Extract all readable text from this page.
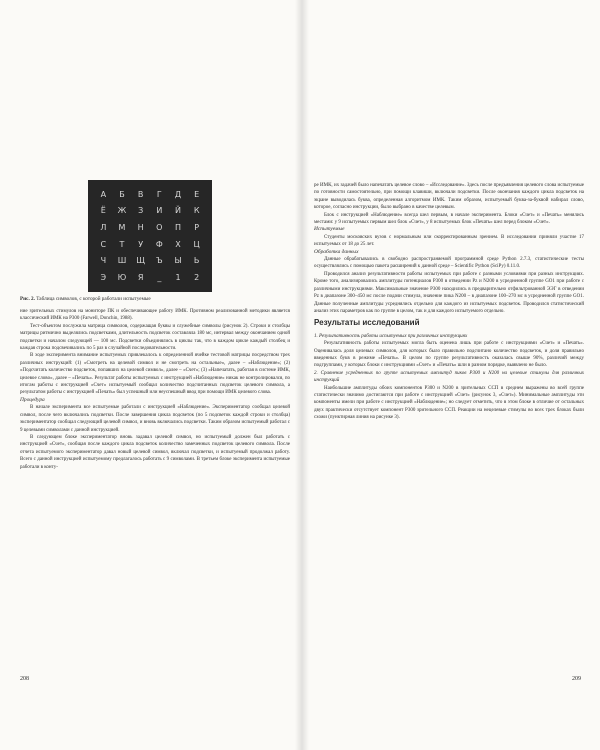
А	Б	В	Г	Д	Е
Ё	Ж	З	И	Й	К
Л	М	Н	О	П	Р
С	Т	У	Ф	Х	Ц
Ч	Ш	Щ	Ъ	Ы	Ь
Э	Ю	Я	_	1	2
Рис. 2. Таблица символов, с которой работали испытуемые

ние зрительных стимулов на мониторе ПК и обеспечивающее работу ИМК. Противном реализованной методики является классический ИМК на Р300 (Farwell, Donchin, 1988).

Тест-объектом послужила матрица символов, содержащая буквы и служебные символы (рисунок 2). Строки и столбцы матрицы ритмично выделялись подсветками, длительность подсветок составляла 180 мс, интервал между окончанием одной подсветки и началом следующей — 100 мс. Подсветки объединялись в циклы так, что в каждом цикле каждый столбец и каждая строка подсвечивались по 5 раз в случайной последовательности.

В ходе эксперимента внимание испытуемых привлекалось к определенной ячейке тестовой матрицы посредством трех различных инструкций: (1) «Смотреть на целевой символ и не смотреть на остальные», далее – «Наблюдение»; (2) «Подсчитать количество подсветок, попавших на целевой символ», далее – «Счет»; (3) «Напечатать, работая в системе ИМК, целевое слово», далее – «Печать». Результат работы испытуемых с инструкцией «Наблюдение» никак не контролировался, по итогам работы с инструкцией «Счет» испытуемый сообщал количество подсчитанных подсветок целевого символа, а результатом работы с инструкцией «Печать» был успешный или неуспешный ввод при помощи ИМК целевого слова.

Процедура

В начале эксперимента все испытуемые работали с инструкцией «Наблюдение». Экспериментатор сообщал целевой символ, после чего включались подсветки. После завершения цикла подсветок (по 5 подсветок каждой строки и столбца) экспериментатор сообщал следующий целевой символ, и вновь включались подсветки. Таким образом испытуемый работал с 9 целевыми символами с данной инструкцией.

В следующем блоке экспериментатор вновь задавал целевой символ, но испытуемый должен был работать с инструкцией «Счет», сообщая после каждого цикла подсветок количество замеченных подсветок целевого символа. После отчета испытуемого экспериментатор давал новый целевой символ, включал подсветки, и испытуемый продолжал работу. Всего с данной инструкцией испытуемому предлагалось работать с 9 символами. В третьем блоке эксперимента испытуемые работали в конту-

208

ре ИМК, их задачей было напечатать целевое слово – «Исследование». Здесь после предъявления целевого слова испытуемые по готовности самостоятельно, при помощи клавиши, включали подсветки. После окончания каждого цикла подсветок на экране выводилась буква, определенная алгоритмом ИМК. Таким образом, испытуемый буква-за-буквой набирал слово, которое, согласно инструкции, было выбрано в качестве целевым.

Блок с инструкцией «Наблюдение» всегда шел первым, в начале эксперимента. Блоки «Счет» и «Печать» менялись местами: у 9 испытуемых первым шел блок «Счет», у 8 испытуемых блок «Печать» шел перед блоком «Счет».

Испытуемые

Студенты московских вузов с нормальным или скорректированным зрением. В исследовании приняли участие 17 испытуемых от 18 до 25 лет.

Обработка данных

Данные обрабатывались в свободно распространяемой программной среде Python 2.7.3, статистические тесты осуществлялись с помощью пакета расширений к данной среде – Scientific Python (SciPy) 0.11.0.

Проводился анализ результативности работы испытуемых при работе с разными условиями при разных инструкциях. Кроме того, анализировались амплитуды потенциалов Р300 в отведении Pz и N200 в усредненной группе GO1 при работе с различными инструкциями. Максимальные значение Р300 находились в предварительно отфильтрованной ЭЭГ в отведении Pz в диапазоне 300–450 мс после подачи стимула, значение пика N200 – в диапазоне 100–270 мс в усредненной группе GO1. Данные полученные амплитуды усреднялись отдельно для каждого из испытуемых подсветок. Проводился статистический анализ этих параметров как по группе в целом, так и для каждого испытуемого отдельно.

Результаты исследований

1. Результативность работы испытуемых при различных инструкциях

Результативность работы испытуемых могла быть оценена лишь при работе с инструкциями «Счет» и «Печать». Оценивалась доля целевых символов, для которых было правильно подсчитано количество подсветок, и доля правильно введенных букв в режиме «Печать». В целом по группе результативность оказалась свыше 90%, различий между подгруппами, у которых блоки с инструкциями «Счет» и «Печать» шли в разном порядке, выявлено не было.

2. Сравнение усредненных по группе испытуемых амплитуд пиков Р300 и N200 на целевые стимулы для различных инструкций

Наибольшие амплитуды обоих компонентов Р300 и N200 в зрительных ССП в среднем выражены во всей группе статистически значимо достигаются при работе с инструкцией «Счет» (рисунок 3, «Счет»). Минимальные амплитуды эти компоненты имели при работе с инструкцией «Наблюдение»; но следует отметить, что в этом блоке в отличие от остальных двух практически отсутствует компонент Р300 зрительного ССП. Реакции на нецелевые стимулы во всех трех блоках были схожи (пунктирная линия на рисунке 3).

209
